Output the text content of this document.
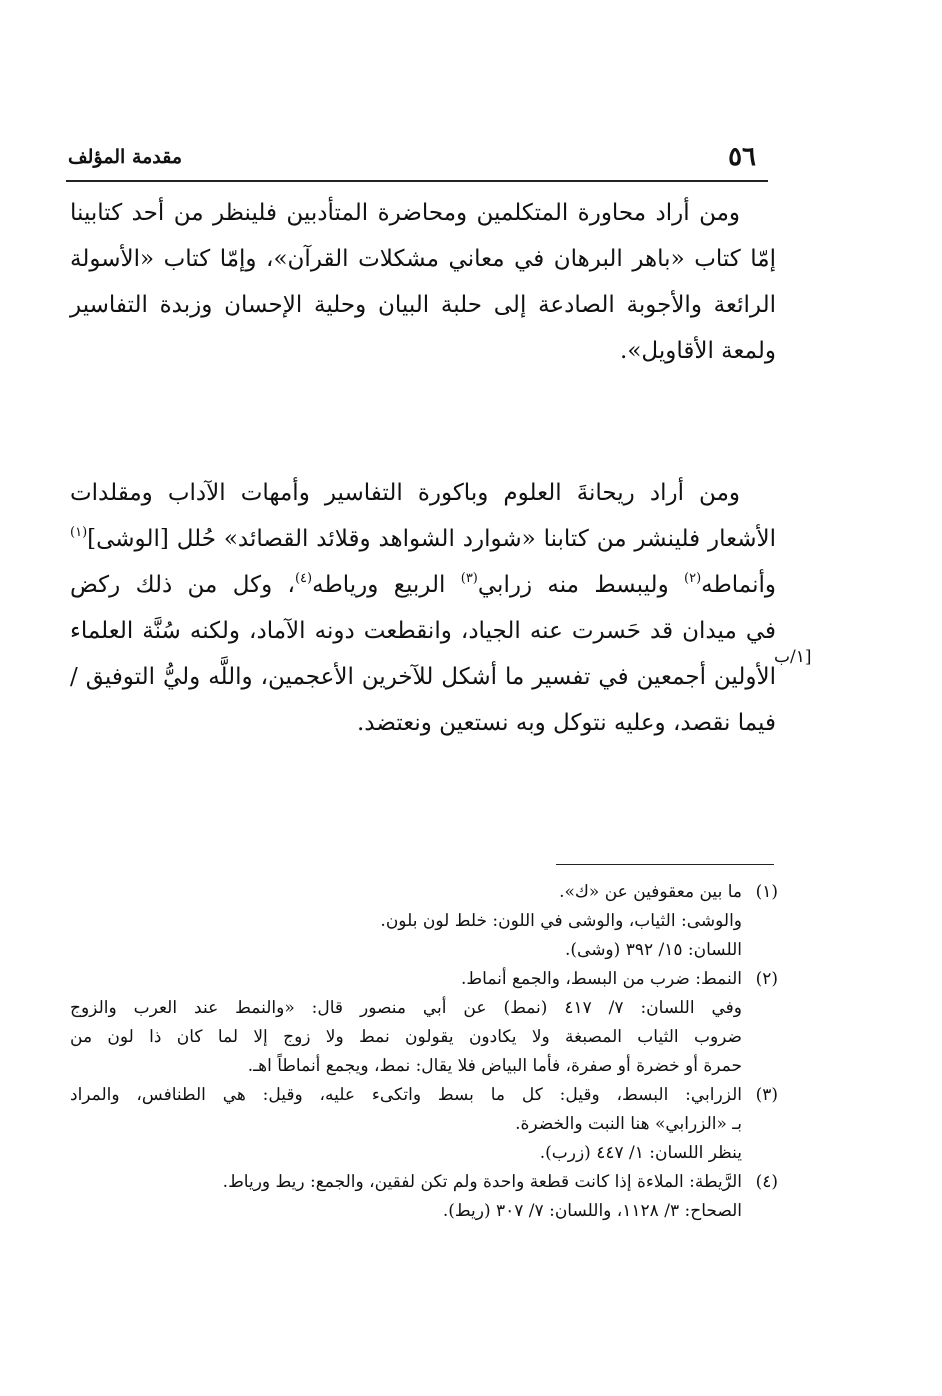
٥٦
مقدمة المؤلف
ومن أراد محاورة المتكلمين ومحاضرة المتأدبين فلينظر من أحد كتابينا
إمّا كتاب «باهر البرهان في معاني مشكلات القرآن»، وإمّا كتاب «الأسولة
الرائعة والأجوبة الصادعة إلى حلبة البيان وحلية الإحسان وزبدة التفاسير
ولمعة الأقاويل».
ومن أراد ريحانةَ العلوم وباكورة التفاسير وأمهات الآداب ومقلدات
الأشعار فلينشر من كتابنا «شوارد الشواهد وقلائد القصائد» حُلل [الوشى]$^{(١)}$
وأنماطه$^{(٢)}$ وليبسط منه زرابي$^{(٣)}$ الربيع ورياطه$^{(٤)}$، وكل من ذلك ركض
في ميدان قد حَسرت عنه الجياد، وانقطعت دونه الآماد، ولكنه سُنَّة العلماء
الأولين أجمعين في تفسير ما أشكل للآخرين الأعجمين، واللَّه وليُّ التوفيق /
فيما نقصد، وعليه نتوكل وبه نستعين ونعتضد.
[١/ب
(١)
ما بين معقوفين عن «ك».
والوشى: الثياب، والوشى في اللون: خلط لون بلون.
اللسان: ١٥/ ٣٩٢ (وشى).
(٢)
النمط: ضرب من البسط، والجمع أنماط.
وفي اللسان: ٧/ ٤١٧ (نمط) عن أبي منصور قال: «والنمط عند العرب والزوج
ضروب الثياب المصبغة ولا يكادون يقولون نمط ولا زوج إلا لما كان ذا لون من
حمرة أو خضرة أو صفرة، فأما البياض فلا يقال: نمط، ويجمع أنماطاً اهـ.
(٣)
الزرابي: البسط، وقيل: كل ما بسط واتكىء عليه، وقيل: هي الطنافس، والمراد
بـ «الزرابي» هنا النبت والخضرة.
ينظر اللسان: ١/ ٤٤٧ (زرب).
(٤)
الرَّيطة: الملاءة إذا كانت قطعة واحدة ولم تكن لفقين، والجمع: ريط ورياط.
الصحاح: ٣/ ١١٢٨، واللسان: ٧/ ٣٠٧ (ريط).
